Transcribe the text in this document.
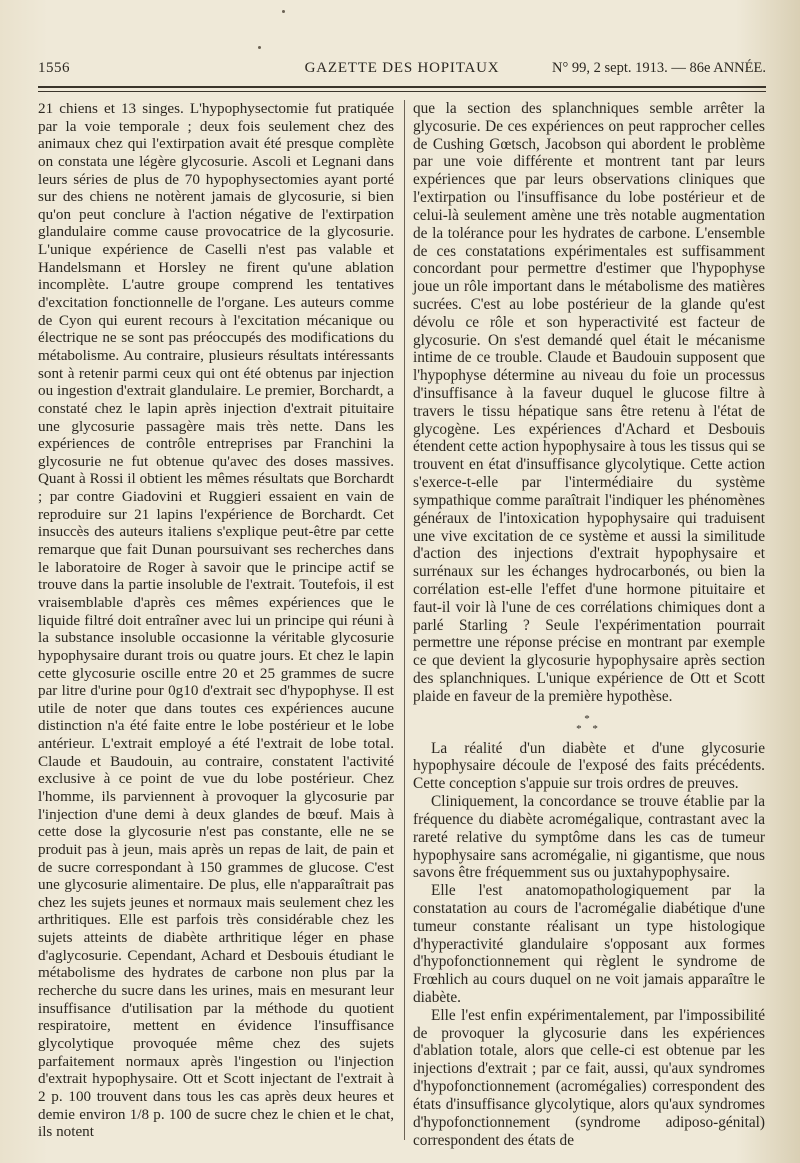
1556	GAZETTE DES HOPITAUX	N° 99, 2 sept. 1913. — 86e ANNÉE.

21 chiens et 13 singes. L'hypophysectomie fut pratiquée par la voie temporale ; deux fois seulement chez des animaux chez qui l'extirpation avait été presque complète on constata une légère glycosurie. Ascoli et Legnani dans leurs séries de plus de 70 hypophysectomies ayant porté sur des chiens ne notèrent jamais de glycosurie, si bien qu'on peut conclure à l'action négative de l'extirpation glandulaire comme cause provocatrice de la glycosurie. L'unique expérience de Caselli n'est pas valable et Handelsmann et Horsley ne firent qu'une ablation incomplète. L'autre groupe comprend les tentatives d'excitation fonctionnelle de l'organe. Les auteurs comme de Cyon qui eurent recours à l'excitation mécanique ou électrique ne se sont pas préoccupés des modifications du métabolisme. Au contraire, plusieurs résultats intéressants sont à retenir parmi ceux qui ont été obtenus par injection ou ingestion d'extrait glandulaire. Le premier, Borchardt, a constaté chez le lapin après injection d'extrait pituitaire une glycosurie passagère mais très nette. Dans les expériences de contrôle entreprises par Franchini la glycosurie ne fut obtenue qu'avec des doses massives. Quant à Rossi il obtient les mêmes résultats que Borchardt ; par contre Giadovini et Ruggieri essaient en vain de reproduire sur 21 lapins l'expérience de Borchardt. Cet insuccès des auteurs italiens s'explique peut-être par cette remarque que fait Dunan poursuivant ses recherches dans le laboratoire de Roger à savoir que le principe actif se trouve dans la partie insoluble de l'extrait. Toutefois, il est vraisemblable d'après ces mêmes expériences que le liquide filtré doit entraîner avec lui un principe qui réuni à la substance insoluble occasionne la véritable glycosurie hypophysaire durant trois ou quatre jours. Et chez le lapin cette glycosurie oscille entre 20 et 25 grammes de sucre par litre d'urine pour 0g10 d'extrait sec d'hypophyse. Il est utile de noter que dans toutes ces expériences aucune distinction n'a été faite entre le lobe postérieur et le lobe antérieur. L'extrait employé a été l'extrait de lobe total. Claude et Baudouin, au contraire, constatent l'activité exclusive à ce point de vue du lobe postérieur. Chez l'homme, ils parviennent à provoquer la glycosurie par l'injection d'une demi à deux glandes de bœuf. Mais à cette dose la glycosurie n'est pas constante, elle ne se produit pas à jeun, mais après un repas de lait, de pain et de sucre correspondant à 150 grammes de glucose. C'est une glycosurie alimentaire. De plus, elle n'apparaîtrait pas chez les sujets jeunes et normaux mais seulement chez les arthritiques. Elle est parfois très considérable chez les sujets atteints de diabète arthritique léger en phase d'aglycosurie. Cependant, Achard et Desbouis étudiant le métabolisme des hydrates de carbone non plus par la recherche du sucre dans les urines, mais en mesurant leur insuffisance d'utilisation par la méthode du quotient respiratoire, mettent en évidence l'insuffisance glycolytique provoquée même chez des sujets parfaitement normaux après l'ingestion ou l'injection d'extrait hypophysaire. Ott et Scott injectant de l'extrait à 2 p. 100 trouvent dans tous les cas après deux heures et demie environ 1/8 p. 100 de sucre chez le chien et le chat, ils notent

que la section des splanchniques semble arrêter la glycosurie. De ces expériences on peut rapprocher celles de Cushing Gœtsch, Jacobson qui abordent le problème par une voie différente et montrent tant par leurs expériences que par leurs observations cliniques que l'extirpation ou l'insuffisance du lobe postérieur et de celui-là seulement amène une très notable augmentation de la tolérance pour les hydrates de carbone. L'ensemble de ces constatations expérimentales est suffisamment concordant pour permettre d'estimer que l'hypophyse joue un rôle important dans le métabolisme des matières sucrées. C'est au lobe postérieur de la glande qu'est dévolu ce rôle et son hyperactivité est facteur de glycosurie. On s'est demandé quel était le mécanisme intime de ce trouble. Claude et Baudouin supposent que l'hypophyse détermine au niveau du foie un processus d'insuffisance à la faveur duquel le glucose filtre à travers le tissu hépatique sans être retenu à l'état de glycogène. Les expériences d'Achard et Desbouis étendent cette action hypophysaire à tous les tissus qui se trouvent en état d'insuffisance glycolytique. Cette action s'exerce-t-elle par l'intermédiaire du système sympathique comme paraîtrait l'indiquer les phénomènes généraux de l'intoxication hypophysaire qui traduisent une vive excitation de ce système et aussi la similitude d'action des injections d'extrait hypophysaire et surrénaux sur les échanges hydrocarbonés, ou bien la corrélation est-elle l'effet d'une hormone pituitaire et faut-il voir là l'une de ces corrélations chimiques dont a parlé Starling ? Seule l'expérimentation pourrait permettre une réponse précise en montrant par exemple ce que devient la glycosurie hypophysaire après section des splanchniques. L'unique expérience de Ott et Scott plaide en faveur de la première hypothèse.

*
* *

La réalité d'un diabète et d'une glycosurie hypophysaire découle de l'exposé des faits précédents. Cette conception s'appuie sur trois ordres de preuves.

Cliniquement, la concordance se trouve établie par la fréquence du diabète acromégalique, contrastant avec la rareté relative du symptôme dans les cas de tumeur hypophysaire sans acromégalie, ni gigantisme, que nous savons être fréquemment sus ou juxtahypophysaire.

Elle l'est anatomopathologiquement par la constatation au cours de l'acromégalie diabétique d'une tumeur constante réalisant un type histologique d'hyperactivité glandulaire s'opposant aux formes d'hypofonctionnement qui règlent le syndrome de Frœhlich au cours duquel on ne voit jamais apparaître le diabète.

Elle l'est enfin expérimentalement, par l'impossibilité de provoquer la glycosurie dans les expériences d'ablation totale, alors que celle-ci est obtenue par les injections d'extrait ; par ce fait, aussi, qu'aux syndromes d'hypofonctionnement (acromégalies) correspondent des états d'insuffisance glycolytique, alors qu'aux syndromes d'hypofonctionnement (syndrome adiposo-génital) correspondent des états de
